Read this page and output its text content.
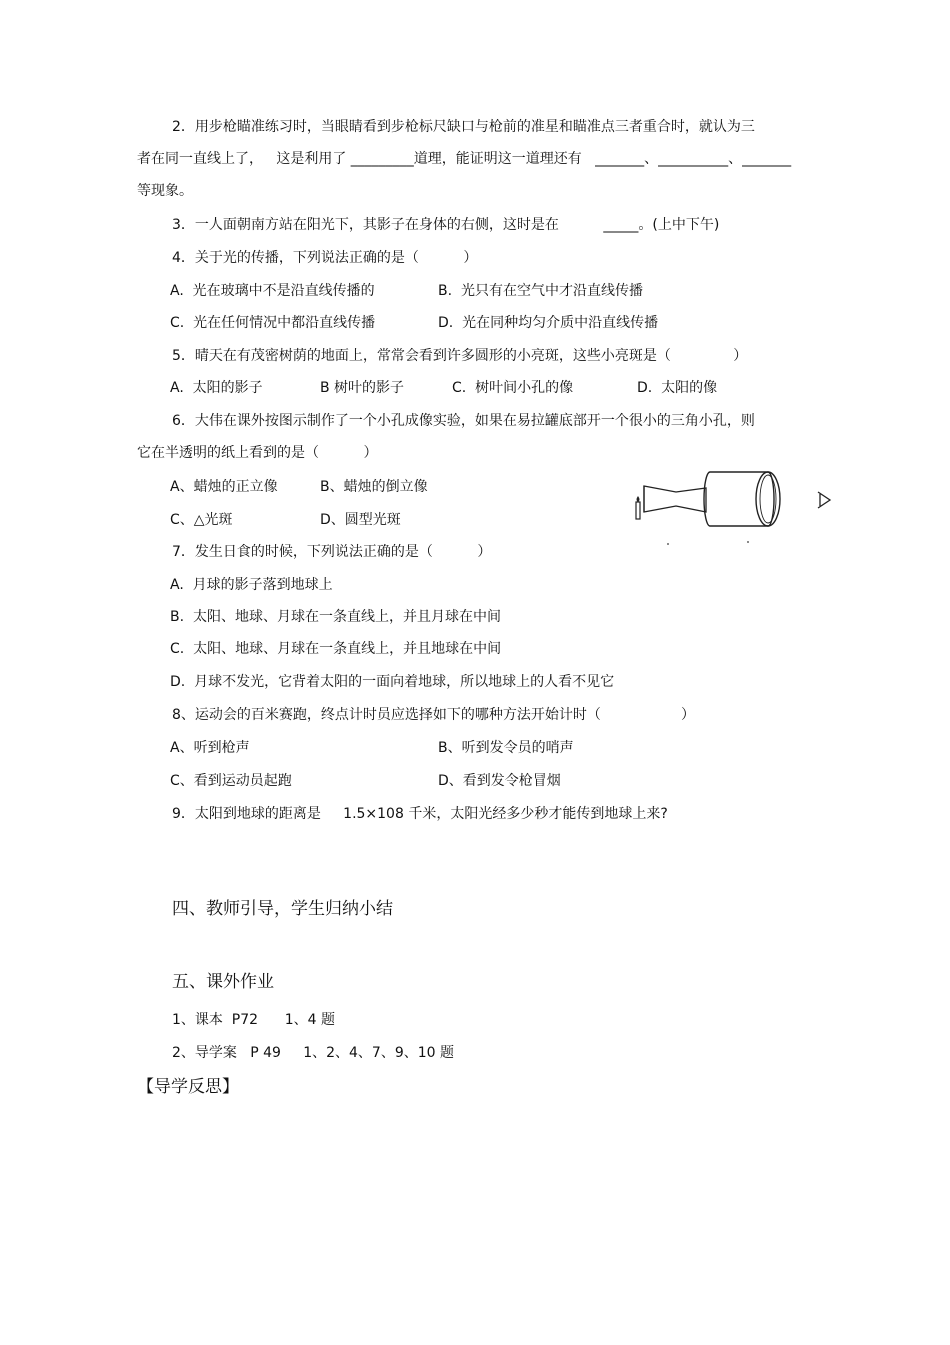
2．用步枪瞄准练习时，当眼睛看到步枪标尺缺口与枪前的准星和瞄准点三者重合时，就认为三
者在同一直线上了，   这是利用了 _________道理，能证明这一道理还有   _______、__________、_______
等现象。
3．一人面朝南方站在阳光下，其影子在身体的右侧，这时是在          _____。(上中下午)
4．关于光的传播，下列说法正确的是（          ）
A.  光在玻璃中不是沿直线传播的	B.  光只有在空气中才沿直线传播
C.  光在任何情况中都沿直线传播	D.  光在同种均匀介质中沿直线传播
5．晴天在有茂密树荫的地面上，常常会看到许多圆形的小亮斑，这些小亮斑是（              ）
A.  太阳的影子	B 树叶的影子	C.  树叶间小孔的像	D.  太阳的像
6．大伟在课外按图示制作了一个小孔成像实验，如果在易拉罐底部开一个很小的三角小孔，则
它在半透明的纸上看到的是（          ）
A、蜡烛的正立像	B、蜡烛的倒立像
C、△光斑	D、圆型光斑
7．发生日食的时候，下列说法正确的是（          ）
A.  月球的影子落到地球上
B.  太阳、地球、月球在一条直线上，并且月球在中间
C.  太阳、地球、月球在一条直线上，并且地球在中间
D.  月球不发光，它背着太阳的一面向着地球，所以地球上的人看不见它
8、运动会的百米赛跑，终点计时员应选择如下的哪种方法开始计时（                  ）
A、听到枪声	B、听到发令员的哨声
C、看到运动员起跑	D、看到发令枪冒烟
9．太阳到地球的距离是     1.5×108 千米，太阳光经多少秒才能传到地球上来?
四、教师引导，学生归纳小结
五、课外作业
1、课本  P72      1、4 题
2、导学案   P 49     1、2、4、7、9、10 题
【导学反思】
